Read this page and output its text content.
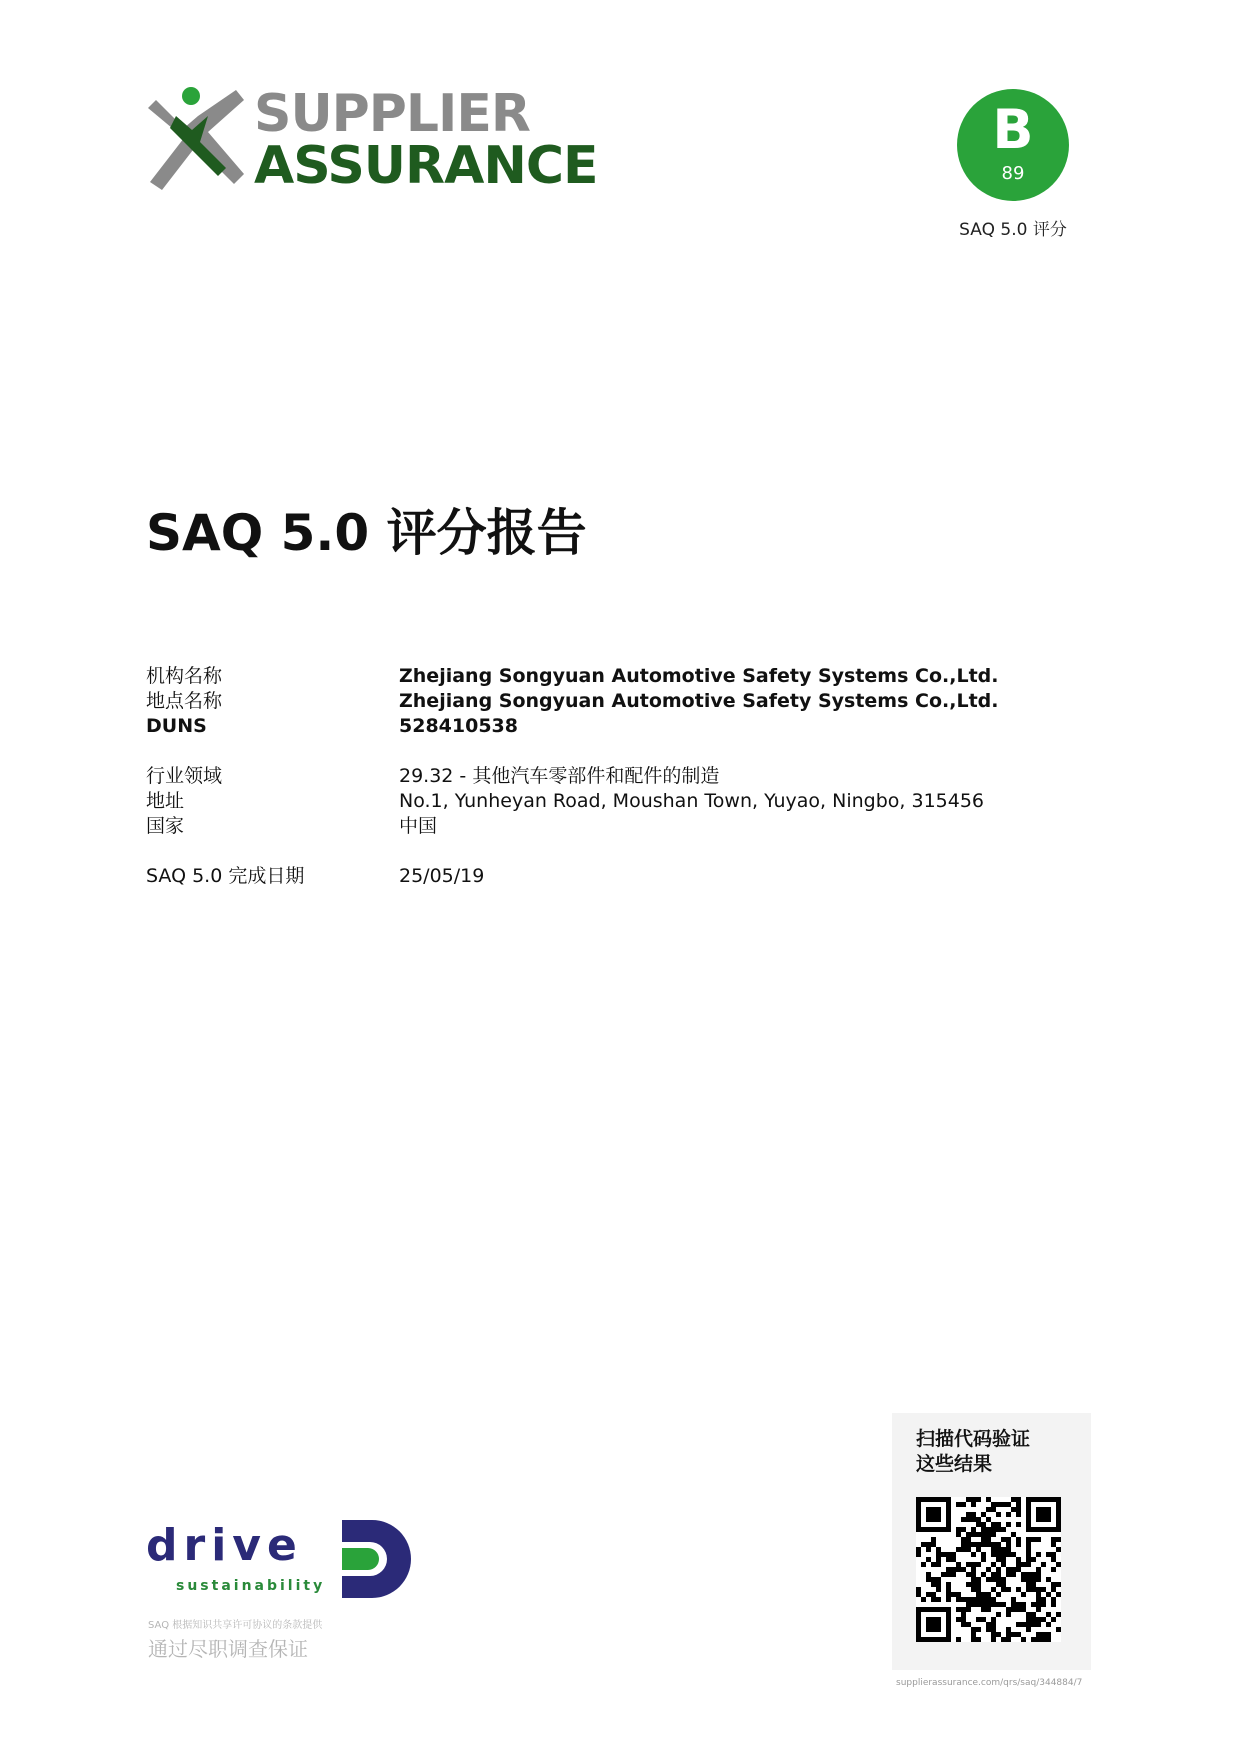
SUPPLIER
ASSURANCE
B
89
SAQ 5.0 评分
SAQ 5.0 评分报告
机构名称	Zhejiang Songyuan Automotive Safety Systems Co.,Ltd.
地点名称	Zhejiang Songyuan Automotive Safety Systems Co.,Ltd.
DUNS	528410538
行业领域	29.32 - 其他汽车零部件和配件的制造
地址	No.1, Yunheyan Road, Moushan Town, Yuyao, Ningbo, 315456
国家	中国
SAQ 5.0 完成日期	25/05/19
drive
sustainability
SAQ 根据知识共享许可协议的条款提供
通过尽职调查保证
扫描代码验证
这些结果
supplierassurance.com/qrs/saq/344884/7
